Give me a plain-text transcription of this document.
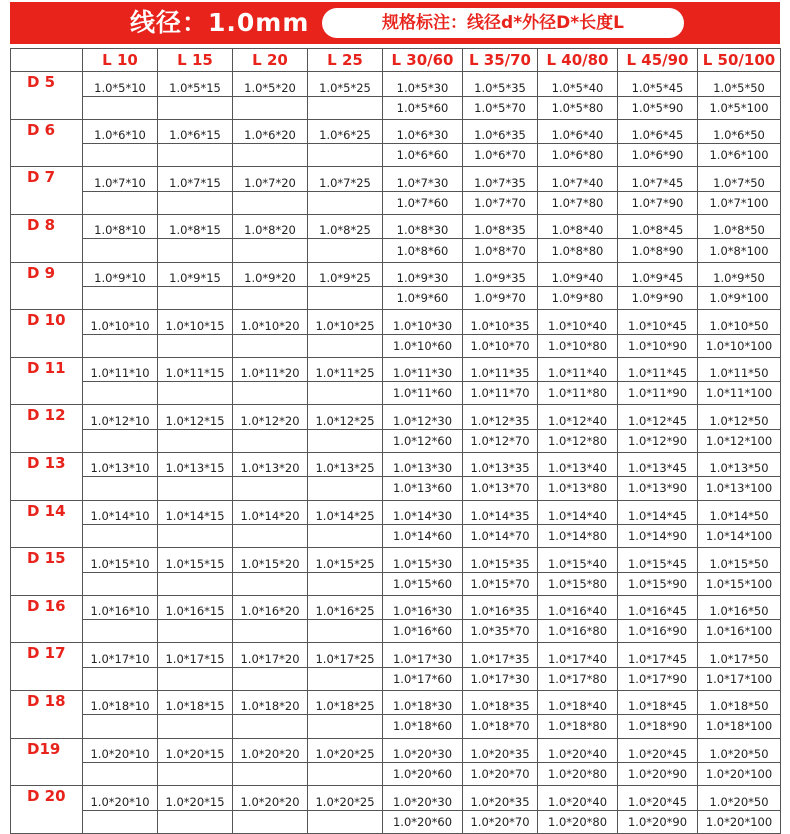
线径：1.0mm	规格标注：线径d*外径D*长度L
	L 10	L 15	L 20	L 25	L 30/60	L 35/70	L 40/80	L 45/90	L 50/100

D 5	1.0*5*10	1.0*5*15	1.0*5*20	1.0*5*25	1.0*5*30	1.0*5*35	1.0*5*40	1.0*5*45	1.0*5*50
					1.0*5*60	1.0*5*70	1.0*5*80	1.0*5*90	1.0*5*100

D 6	1.0*6*10	1.0*6*15	1.0*6*20	1.0*6*25	1.0*6*30	1.0*6*35	1.0*6*40	1.0*6*45	1.0*6*50
					1.0*6*60	1.0*6*70	1.0*6*80	1.0*6*90	1.0*6*100

D 7	1.0*7*10	1.0*7*15	1.0*7*20	1.0*7*25	1.0*7*30	1.0*7*35	1.0*7*40	1.0*7*45	1.0*7*50
					1.0*7*60	1.0*7*70	1.0*7*80	1.0*7*90	1.0*7*100

D 8	1.0*8*10	1.0*8*15	1.0*8*20	1.0*8*25	1.0*8*30	1.0*8*35	1.0*8*40	1.0*8*45	1.0*8*50
					1.0*8*60	1.0*8*70	1.0*8*80	1.0*8*90	1.0*8*100

D 9	1.0*9*10	1.0*9*15	1.0*9*20	1.0*9*25	1.0*9*30	1.0*9*35	1.0*9*40	1.0*9*45	1.0*9*50
					1.0*9*60	1.0*9*70	1.0*9*80	1.0*9*90	1.0*9*100

D 10	1.0*10*10	1.0*10*15	1.0*10*20	1.0*10*25	1.0*10*30	1.0*10*35	1.0*10*40	1.0*10*45	1.0*10*50
					1.0*10*60	1.0*10*70	1.0*10*80	1.0*10*90	1.0*10*100

D 11	1.0*11*10	1.0*11*15	1.0*11*20	1.0*11*25	1.0*11*30	1.0*11*35	1.0*11*40	1.0*11*45	1.0*11*50
					1.0*11*60	1.0*11*70	1.0*11*80	1.0*11*90	1.0*11*100

D 12	1.0*12*10	1.0*12*15	1.0*12*20	1.0*12*25	1.0*12*30	1.0*12*35	1.0*12*40	1.0*12*45	1.0*12*50
					1.0*12*60	1.0*12*70	1.0*12*80	1.0*12*90	1.0*12*100

D 13	1.0*13*10	1.0*13*15	1.0*13*20	1.0*13*25	1.0*13*30	1.0*13*35	1.0*13*40	1.0*13*45	1.0*13*50
					1.0*13*60	1.0*13*70	1.0*13*80	1.0*13*90	1.0*13*100

D 14	1.0*14*10	1.0*14*15	1.0*14*20	1.0*14*25	1.0*14*30	1.0*14*35	1.0*14*40	1.0*14*45	1.0*14*50
					1.0*14*60	1.0*14*70	1.0*14*80	1.0*14*90	1.0*14*100

D 15	1.0*15*10	1.0*15*15	1.0*15*20	1.0*15*25	1.0*15*30	1.0*15*35	1.0*15*40	1.0*15*45	1.0*15*50
					1.0*15*60	1.0*15*70	1.0*15*80	1.0*15*90	1.0*15*100

D 16	1.0*16*10	1.0*16*15	1.0*16*20	1.0*16*25	1.0*16*30	1.0*16*35	1.0*16*40	1.0*16*45	1.0*16*50
					1.0*16*60	1.0*35*70	1.0*16*80	1.0*16*90	1.0*16*100

D 17	1.0*17*10	1.0*17*15	1.0*17*20	1.0*17*25	1.0*17*30	1.0*17*35	1.0*17*40	1.0*17*45	1.0*17*50
					1.0*17*60	1.0*17*30	1.0*17*80	1.0*17*90	1.0*17*100

D 18	1.0*18*10	1.0*18*15	1.0*18*20	1.0*18*25	1.0*18*30	1.0*18*35	1.0*18*40	1.0*18*45	1.0*18*50
					1.0*18*60	1.0*18*70	1.0*18*80	1.0*18*90	1.0*18*100

D19	1.0*20*10	1.0*20*15	1.0*20*20	1.0*20*25	1.0*20*30	1.0*20*35	1.0*20*40	1.0*20*45	1.0*20*50
					1.0*20*60	1.0*20*70	1.0*20*80	1.0*20*90	1.0*20*100

D 20	1.0*20*10	1.0*20*15	1.0*20*20	1.0*20*25	1.0*20*30	1.0*20*35	1.0*20*40	1.0*20*45	1.0*20*50
					1.0*20*60	1.0*20*70	1.0*20*80	1.0*20*90	1.0*20*100
